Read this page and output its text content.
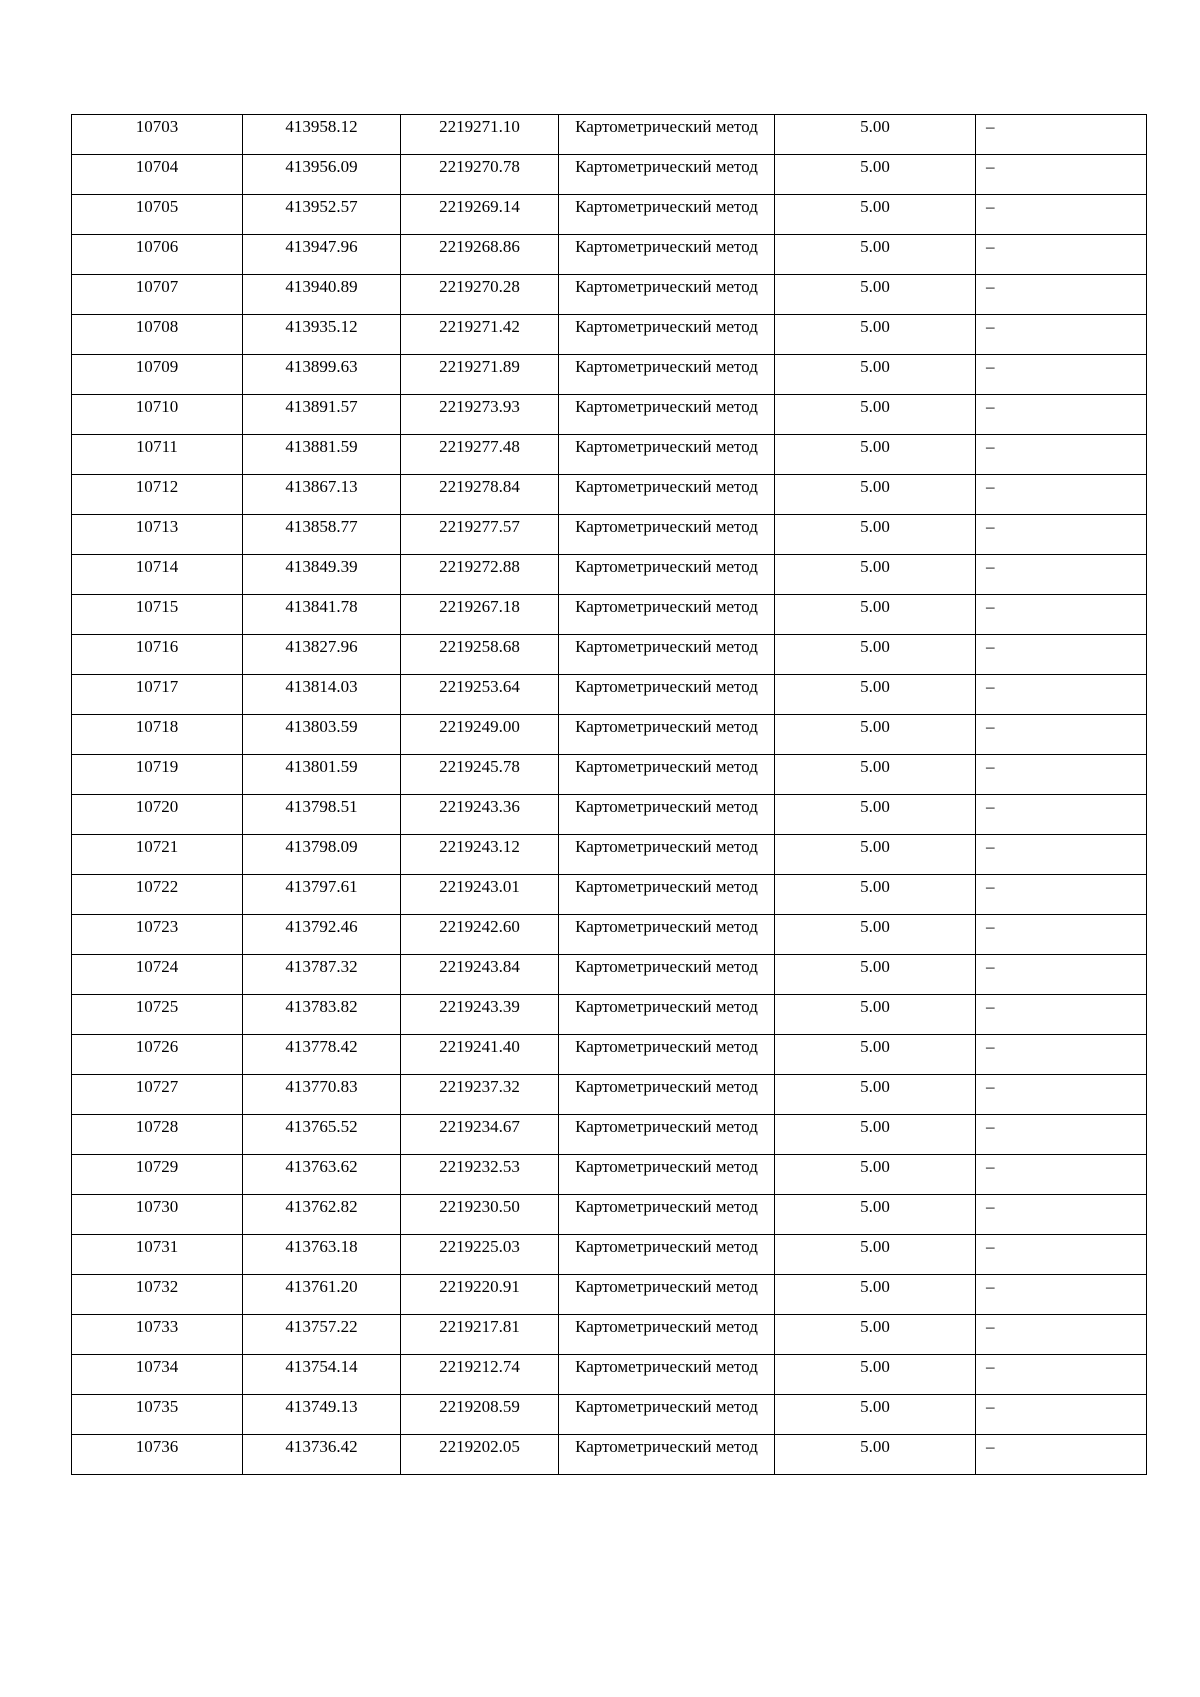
10703	413958.12	2219271.10	Картометрический метод	5.00	–
10704	413956.09	2219270.78	Картометрический метод	5.00	–
10705	413952.57	2219269.14	Картометрический метод	5.00	–
10706	413947.96	2219268.86	Картометрический метод	5.00	–
10707	413940.89	2219270.28	Картометрический метод	5.00	–
10708	413935.12	2219271.42	Картометрический метод	5.00	–
10709	413899.63	2219271.89	Картометрический метод	5.00	–
10710	413891.57	2219273.93	Картометрический метод	5.00	–
10711	413881.59	2219277.48	Картометрический метод	5.00	–
10712	413867.13	2219278.84	Картометрический метод	5.00	–
10713	413858.77	2219277.57	Картометрический метод	5.00	–
10714	413849.39	2219272.88	Картометрический метод	5.00	–
10715	413841.78	2219267.18	Картометрический метод	5.00	–
10716	413827.96	2219258.68	Картометрический метод	5.00	–
10717	413814.03	2219253.64	Картометрический метод	5.00	–
10718	413803.59	2219249.00	Картометрический метод	5.00	–
10719	413801.59	2219245.78	Картометрический метод	5.00	–
10720	413798.51	2219243.36	Картометрический метод	5.00	–
10721	413798.09	2219243.12	Картометрический метод	5.00	–
10722	413797.61	2219243.01	Картометрический метод	5.00	–
10723	413792.46	2219242.60	Картометрический метод	5.00	–
10724	413787.32	2219243.84	Картометрический метод	5.00	–
10725	413783.82	2219243.39	Картометрический метод	5.00	–
10726	413778.42	2219241.40	Картометрический метод	5.00	–
10727	413770.83	2219237.32	Картометрический метод	5.00	–
10728	413765.52	2219234.67	Картометрический метод	5.00	–
10729	413763.62	2219232.53	Картометрический метод	5.00	–
10730	413762.82	2219230.50	Картометрический метод	5.00	–
10731	413763.18	2219225.03	Картометрический метод	5.00	–
10732	413761.20	2219220.91	Картометрический метод	5.00	–
10733	413757.22	2219217.81	Картометрический метод	5.00	–
10734	413754.14	2219212.74	Картометрический метод	5.00	–
10735	413749.13	2219208.59	Картометрический метод	5.00	–
10736	413736.42	2219202.05	Картометрический метод	5.00	–
